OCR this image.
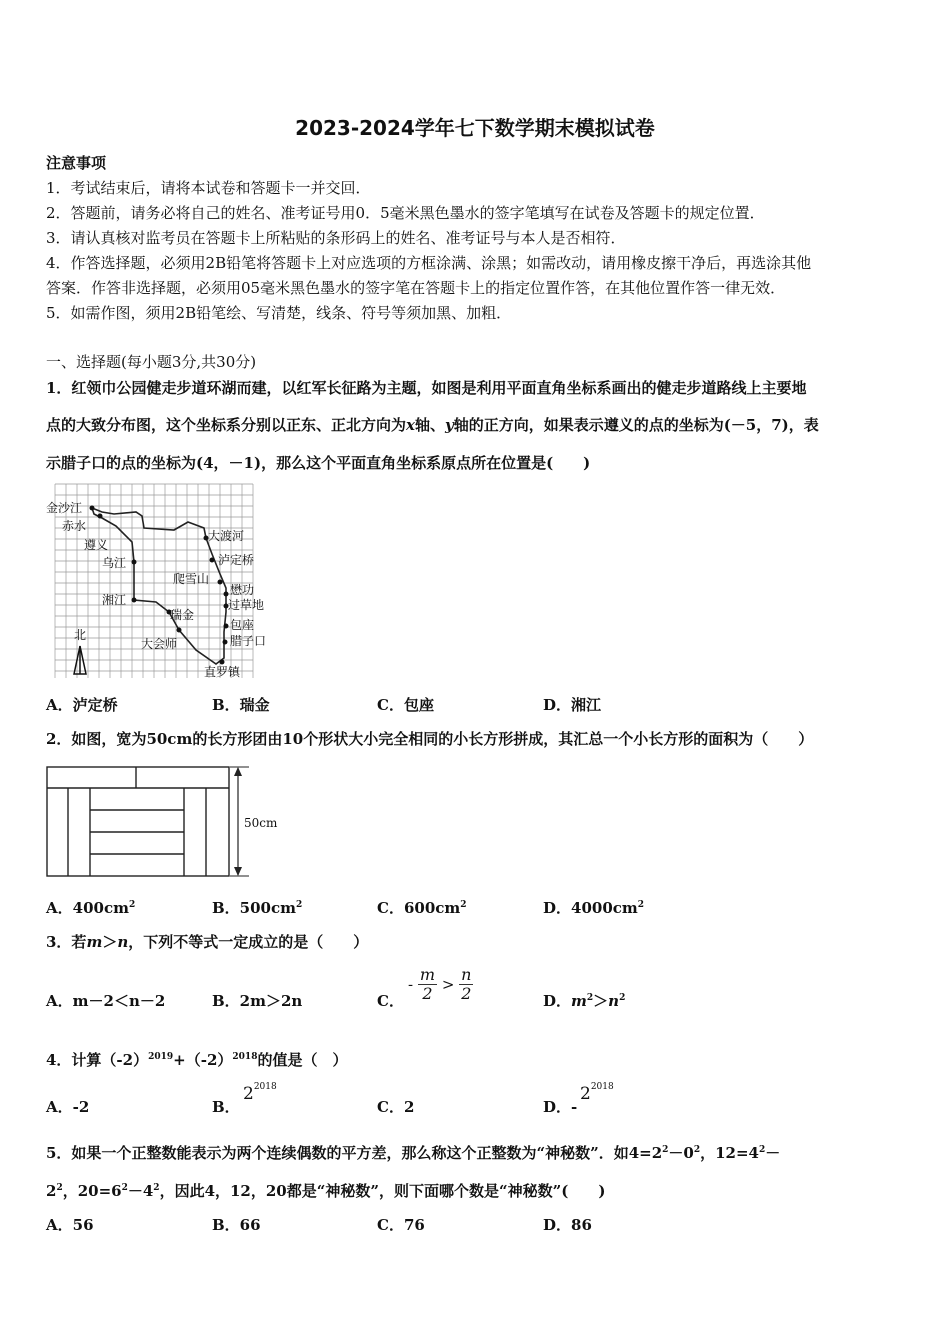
2023-2024学年七下数学期末模拟试卷
注意事项
1．考试结束后，请将本试卷和答题卡一并交回．
2．答题前，请务必将自己的姓名、准考证号用0．5毫米黑色墨水的签字笔填写在试卷及答题卡的规定位置．
3．请认真核对监考员在答题卡上所粘贴的条形码上的姓名、准考证号与本人是否相符．
4．作答选择题，必须用2B铅笔将答题卡上对应选项的方框涂满、涂黑；如需改动，请用橡皮擦干净后，再选涂其他
答案．作答非选择题，必须用05毫米黑色墨水的签字笔在答题卡上的指定位置作答，在其他位置作答一律无效．
5．如需作图，须用2B铅笔绘、写清楚，线条、符号等须加黑、加粗．
一、选择题(每小题3分,共30分)
1．红领巾公园健走步道环湖而建，以红军长征路为主题，如图是利用平面直角坐标系画出的健走步道路线上主要地
点的大致分布图，这个坐标系分别以正东、正北方向为x轴、y轴的正方向，如果表示遵义的点的坐标为(－5，7)，表
示腊子口的点的坐标为(4，－1)，那么这个平面直角坐标系原点所在位置是(　　)
金沙江
赤水
遵义
乌江
湘江
瑞金
大会师
大渡河
泸定桥
爬雪山
懋功
过草地
包座
腊子口
直罗镇
北
A．泸定桥	B．瑞金	C．包座	D．湘江
2．如图，宽为50cm的长方形团由10个形状大小完全相同的小长方形拼成，其汇总一个小长方形的面积为（　　）
50cm
A．$400cm^2$	B．$500cm^2$	C．$600cm^2$	D．$4000cm^2$
3．若m＞n，下列不等式一定成立的是（　　）
A．m－2＜n－2	B．2m＞2n	C．
- $\frac{m}{2} > \frac{n}{2}$	D．$m^2>n^2$
4．计算$(-2)^{2019}+(-2)^{2018}$的值是（　）
A．-2	B．
$2^{2018}$
C．2	D．-
$2^{2018}$
5．如果一个正整数能表示为两个连续偶数的平方差，那么称这个正整数为“神秘数”．如$4=2^2-0^2$，$12=4^2-$
$2^2$，$20=6^2-4^2$，因此4，12，20都是“神秘数”，则下面哪个数是“神秘数”(　　)
A．56	B．66	C．76	D．86
